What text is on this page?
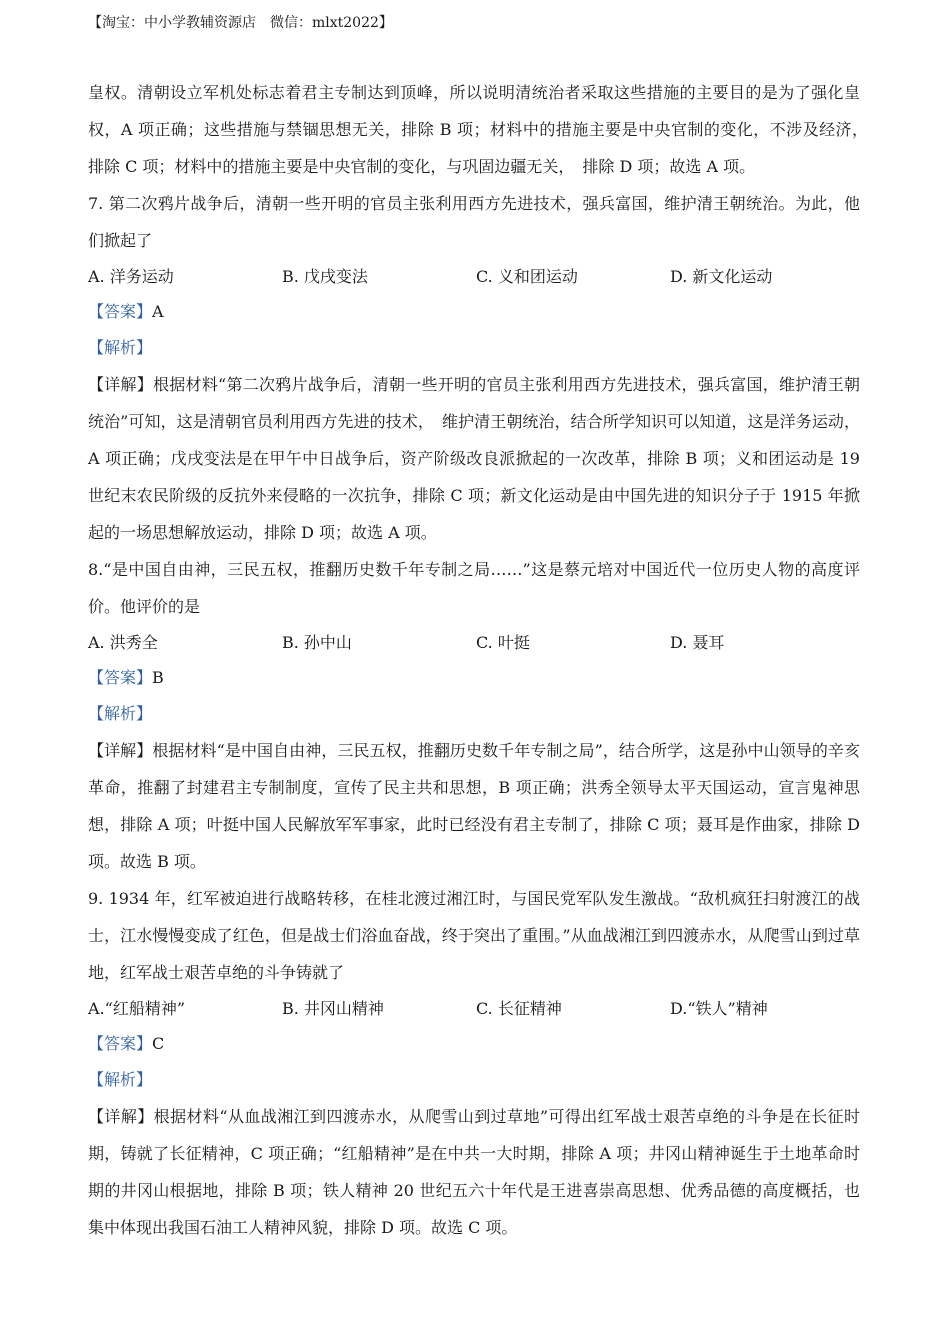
【淘宝：中小学教辅资源店　微信：mlxt2022】

皇权。清朝设立军机处标志着君主专制达到顶峰，所以说明清统治者采取这些措施的主要目的是为了强化皇权，A 项正确；这些措施与禁锢思想无关，排除 B 项；材料中的措施主要是中央官制的变化，不涉及经济，　排除 C 项；材料中的措施主要是中央官制的变化，与巩固边疆无关，　排除 D 项；故选 A 项。

7. 第二次鸦片战争后，清朝一些开明的官员主张利用西方先进技术，强兵富国，维护清王朝统治。为此，他们掀起了

A. 洋务运动	B. 戊戌变法	C. 义和团运动	D. 新文化运动

【答案】A

【解析】

【详解】根据材料“第二次鸦片战争后，清朝一些开明的官员主张利用西方先进技术，强兵富国，维护清王朝统治”可知，这是清朝官员利用西方先进的技术，　维护清王朝统治，结合所学知识可以知道，这是洋务运动，A 项正确；戊戌变法是在甲午中日战争后，资产阶级改良派掀起的一次改革，排除 B 项；义和团运动是 19 世纪末农民阶级的反抗外来侵略的一次抗争，排除 C 项；新文化运动是由中国先进的知识分子于 1915 年掀起的一场思想解放运动，排除 D 项；故选 A 项。

8.“是中国自由神，三民五权，推翻历史数千年专制之局……”这是蔡元培对中国近代一位历史人物的高度评价。他评价的是

A. 洪秀全	B. 孙中山	C. 叶挺	D. 聂耳

【答案】B

【解析】

【详解】根据材料“是中国自由神，三民五权，推翻历史数千年专制之局”，结合所学，这是孙中山领导的辛亥革命，推翻了封建君主专制制度，宣传了民主共和思想，B 项正确；洪秀全领导太平天国运动，宣言鬼神思想，排除 A 项；叶挺中国人民解放军军事家，此时已经没有君主专制了，排除 C 项；聂耳是作曲家，排除 D 项。故选 B 项。

9. 1934 年，红军被迫进行战略转移，在桂北渡过湘江时，与国民党军队发生激战。“敌机疯狂扫射渡江的战士，江水慢慢变成了红色，但是战士们浴血奋战，终于突出了重围。”从血战湘江到四渡赤水，从爬雪山到过草地，红军战士艰苦卓绝的斗争铸就了

A.“红船精神”	B. 井冈山精神	C. 长征精神	D.“铁人”精神

【答案】C

【解析】

【详解】根据材料“从血战湘江到四渡赤水，从爬雪山到过草地”可得出红军战士艰苦卓绝的斗争是在长征时期，铸就了长征精神，C 项正确；“红船精神”是在中共一大时期，排除 A 项；井冈山精神诞生于土地革命时期的井冈山根据地，排除 B 项；铁人精神 20 世纪五六十年代是王进喜崇高思想、优秀品德的高度概括，也集中体现出我国石油工人精神风貌，排除 D 项。故选 C 项。
